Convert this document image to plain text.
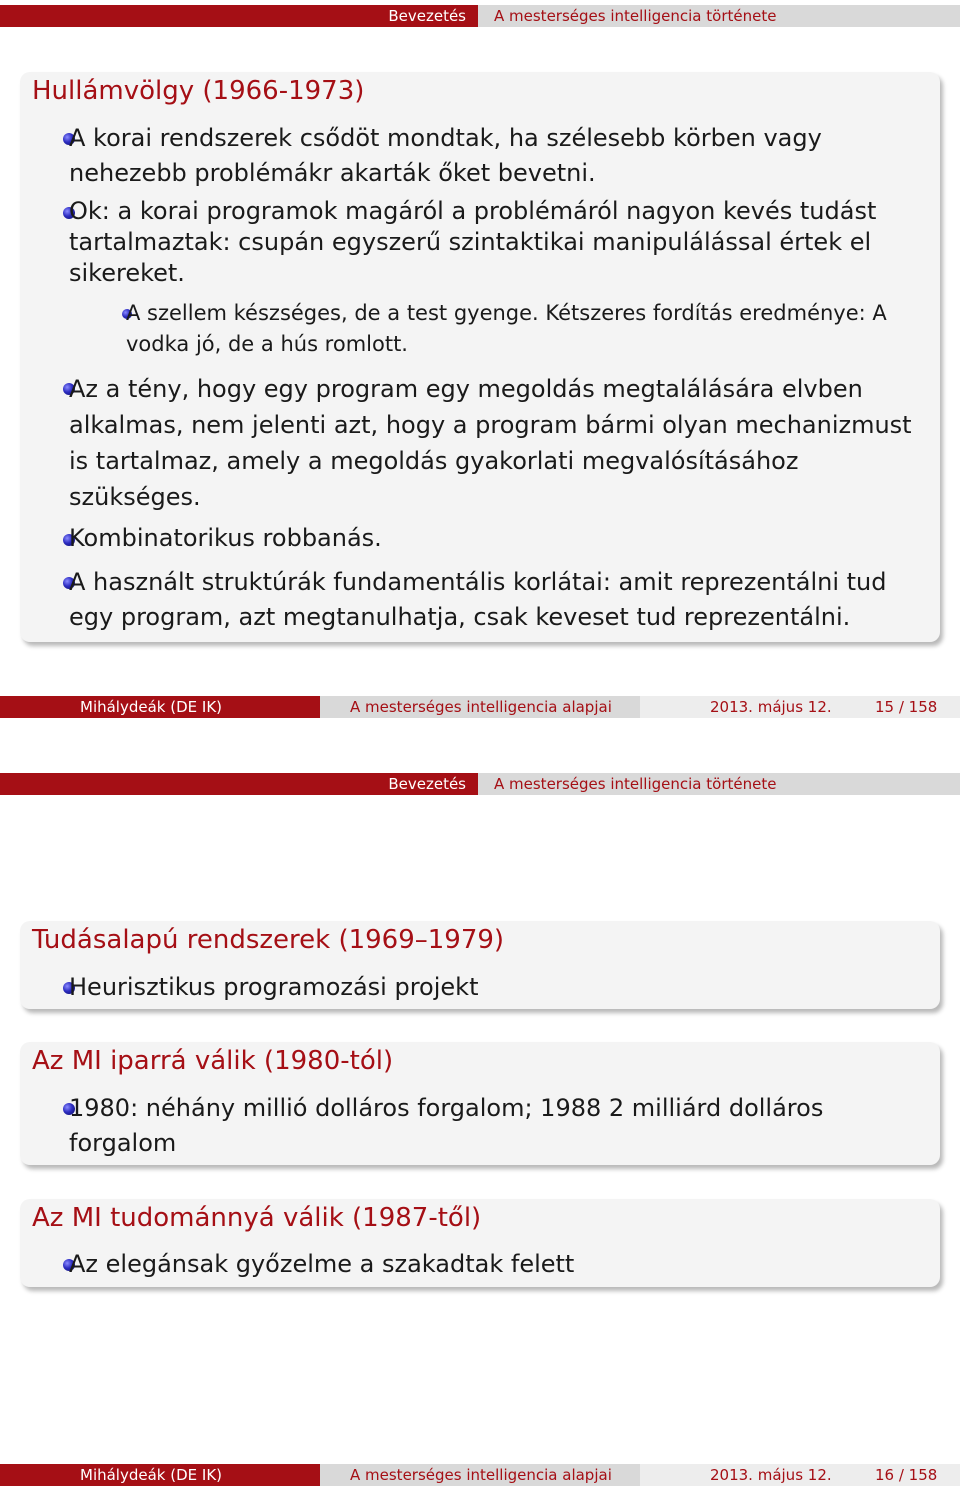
Bevezetés	A mesterséges intelligencia története
Hullámvölgy (1966-1973)
A korai rendszerek csődöt mondtak, ha szélesebb körben vagy
nehezebb problémákr akarták őket bevetni.
Ok: a korai programok magáról a problémáról nagyon kevés tudást
tartalmaztak: csupán egyszerű szintaktikai manipulálással értek el
sikereket.
A szellem készséges, de a test gyenge. Kétszeres fordítás eredménye: A
vodka jó, de a hús romlott.
Az a tény, hogy egy program egy megoldás megtalálására elvben
alkalmas, nem jelenti azt, hogy a program bármi olyan mechanizmust
is tartalmaz, amely a megoldás gyakorlati megvalósításához
szükséges.
Kombinatorikus robbanás.
A használt struktúrák fundamentális korlátai: amit reprezentálni tud
egy program, azt megtanulhatja, csak keveset tud reprezentálni.
Mihálydeák (DE IK)	A mesterséges intelligencia alapjai	2013. május 12.	15 / 158
Bevezetés	A mesterséges intelligencia története
Tudásalapú rendszerek (1969–1979)
Heurisztikus programozási projekt
Az MI iparrá válik (1980-tól)
1980: néhány millió dolláros forgalom; 1988 2 milliárd dolláros
forgalom
Az MI tudománnyá válik (1987-től)
Az elegánsak győzelme a szakadtak felett
Mihálydeák (DE IK)	A mesterséges intelligencia alapjai	2013. május 12.	16 / 158
